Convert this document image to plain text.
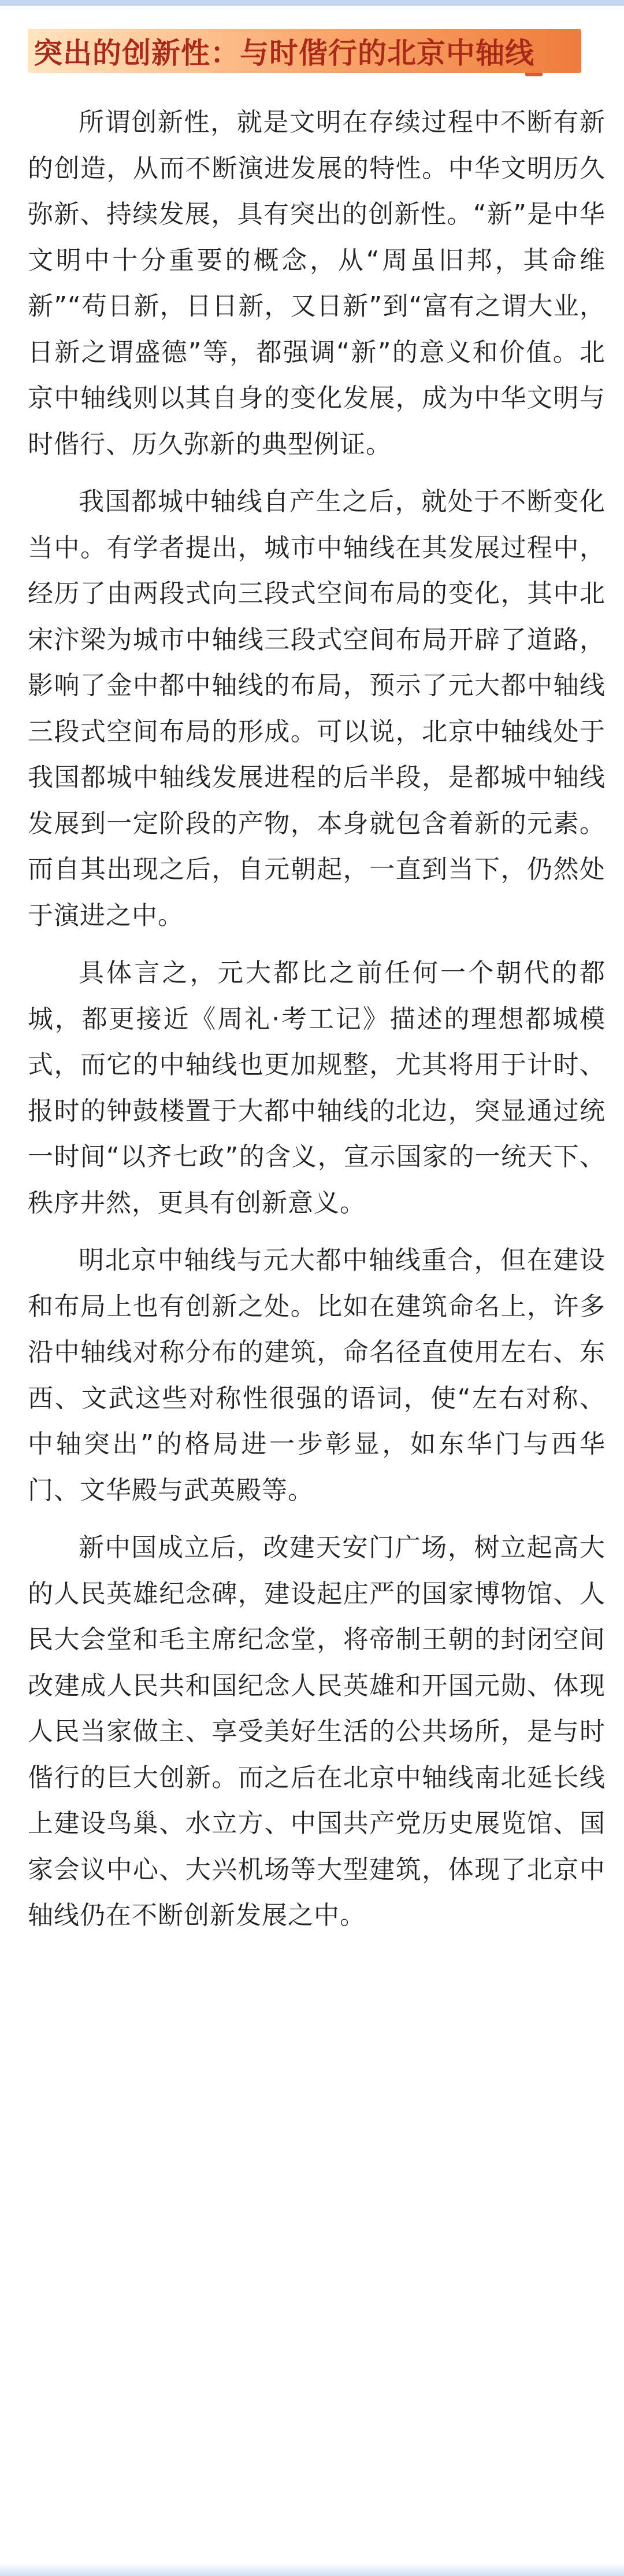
突出的创新性：与时偕行的北京中轴线

所谓创新性，就是文明在存续过程中不断有新的创造，从而不断演进发展的特性。中华文明历久弥新、持续发展，具有突出的创新性。“新”是中华文明中十分重要的概念，从“周虽旧邦，其命维新”“苟日新，日日新，又日新”到“富有之谓大业，日新之谓盛德”等，都强调“新”的意义和价值。北京中轴线则以其自身的变化发展，成为中华文明与时偕行、历久弥新的典型例证。

我国都城中轴线自产生之后，就处于不断变化当中。有学者提出，城市中轴线在其发展过程中，经历了由两段式向三段式空间布局的变化，其中北宋汴梁为城市中轴线三段式空间布局开辟了道路，影响了金中都中轴线的布局，预示了元大都中轴线三段式空间布局的形成。可以说，北京中轴线处于我国都城中轴线发展进程的后半段，是都城中轴线发展到一定阶段的产物，本身就包含着新的元素。而自其出现之后，自元朝起，一直到当下，仍然处于演进之中。

具体言之，元大都比之前任何一个朝代的都城，都更接近《周礼·考工记》描述的理想都城模式，而它的中轴线也更加规整，尤其将用于计时、报时的钟鼓楼置于大都中轴线的北边，突显通过统一时间“以齐七政”的含义，宣示国家的一统天下、秩序井然，更具有创新意义。

明北京中轴线与元大都中轴线重合，但在建设和布局上也有创新之处。比如在建筑命名上，许多沿中轴线对称分布的建筑，命名径直使用左右、东西、文武这些对称性很强的语词，使“左右对称、中轴突出”的格局进一步彰显，如东华门与西华门、文华殿与武英殿等。

新中国成立后，改建天安门广场，树立起高大的人民英雄纪念碑，建设起庄严的国家博物馆、人民大会堂和毛主席纪念堂，将帝制王朝的封闭空间改建成人民共和国纪念人民英雄和开国元勋、体现人民当家做主、享受美好生活的公共场所，是与时偕行的巨大创新。而之后在北京中轴线南北延长线上建设鸟巢、水立方、中国共产党历史展览馆、国家会议中心、大兴机场等大型建筑，体现了北京中轴线仍在不断创新发展之中。
